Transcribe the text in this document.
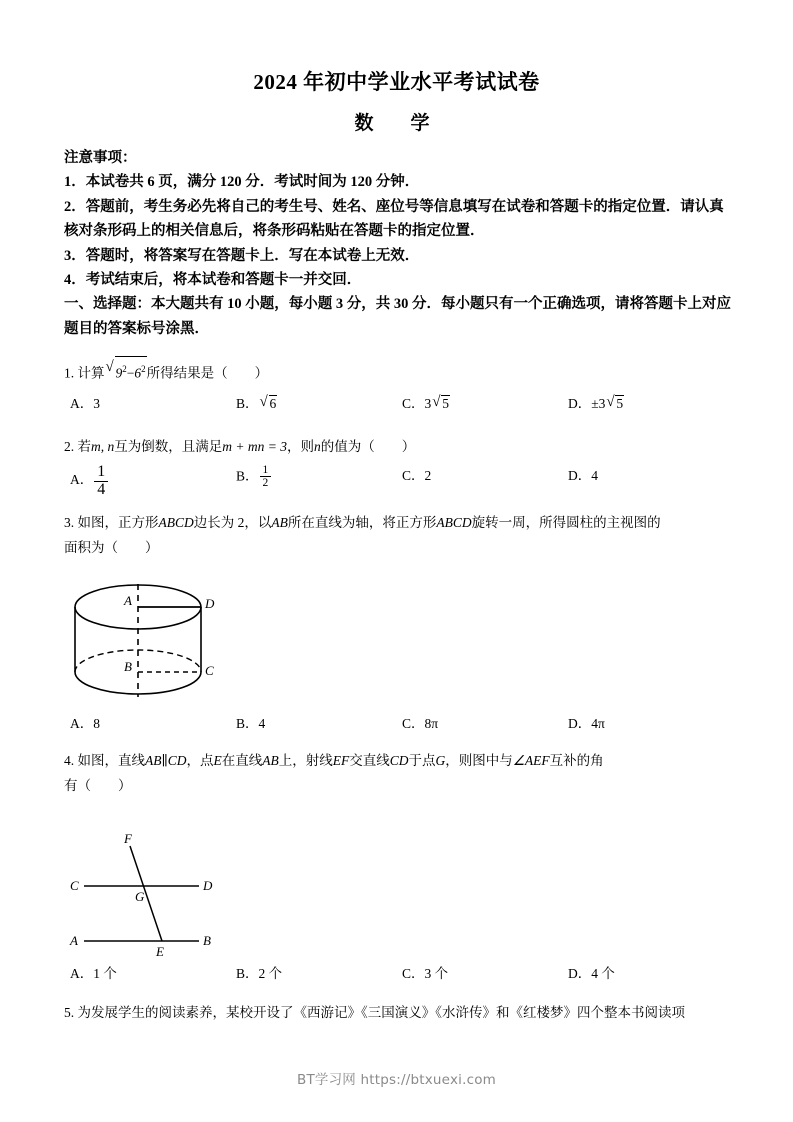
2024 年初中学业水平考试试卷
数　学

注意事项：

1．本试卷共 6 页，满分 120 分．考试时间为 120 分钟．

2．答题前，考生务必先将自己的考生号、姓名、座位号等信息填写在试卷和答题卡的指定位置．请认真核对条形码上的相关信息后，将条形码粘贴在答题卡的指定位置．

3．答题时，将答案写在答题卡上．写在本试卷上无效．

4．考试结束后，将本试卷和答题卡一并交回．

一、选择题：本大题共有 10 小题，每小题 3 分，共 30 分．每小题只有一个正确选项，请将答题卡上对应题目的答案标号涂黑．

1. 计算 √ $9^2-6^2$所得结果是（　　）

A．3	B． √ 6	C．3 √ 5	D．±3 √ 5

2. 若m, n互为倒数，且满足m + mn = 3，则n的值为（　　）

A． $\frac{1}{4}$	B． $\frac{1}{2}$	C．2	D．4

3. 如图，正方形ABCD边长为 2，以AB所在直线为轴，将正方形ABCD旋转一周，所得圆柱的主视图的

面积为（　　）

A
B	C
D
A．8	B．4	C．8π	D．4π

4. 如图，直线AB∥CD，点E在直线AB上，射线EF交直线CD于点G，则图中与∠AEF互补的角

有（　　）

C	D
A	B
F
G
E
A．1 个	B．2 个	C．3 个	D．4 个

5. 为发展学生的阅读素养，某校开设了《西游记》《三国演义》《水浒传》和《红楼梦》四个整本书阅读项

BT学习网 https://btxuexi.com
